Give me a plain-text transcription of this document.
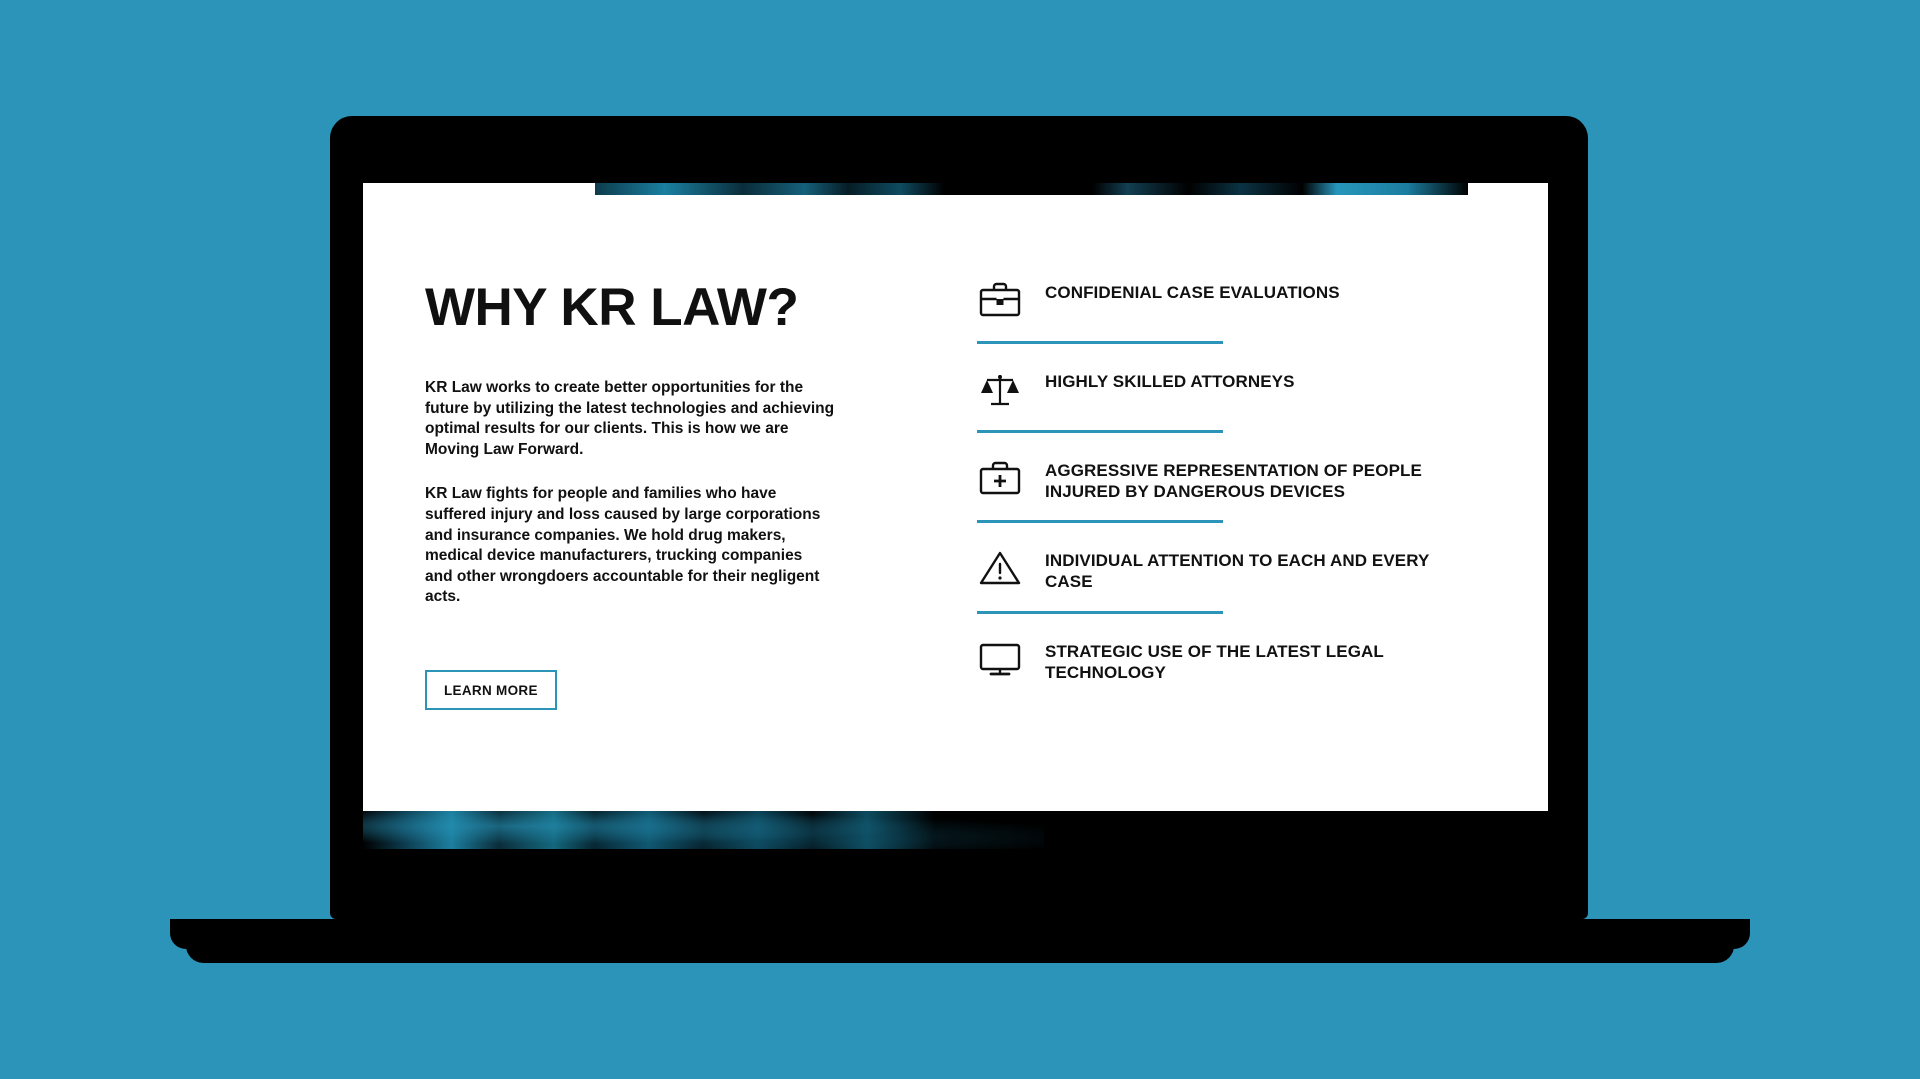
WHY KR LAW?

KR Law works to create better opportunities for the future by utilizing the latest technologies and achieving optimal results for our clients. This is how we are Moving Law Forward.

KR Law fights for people and families who have suffered injury and loss caused by large corporations and insurance companies. We hold drug makers, medical device manufacturers, trucking companies and other wrongdoers accountable for their negligent acts.

LEARN MORE
CONFIDENIAL CASE EVALUATIONS
HIGHLY SKILLED ATTORNEYS
AGGRESSIVE REPRESENTATION OF PEOPLE INJURED BY DANGEROUS DEVICES
INDIVIDUAL ATTENTION TO EACH AND EVERY CASE
STRATEGIC USE OF THE LATEST LEGAL TECHNOLOGY
